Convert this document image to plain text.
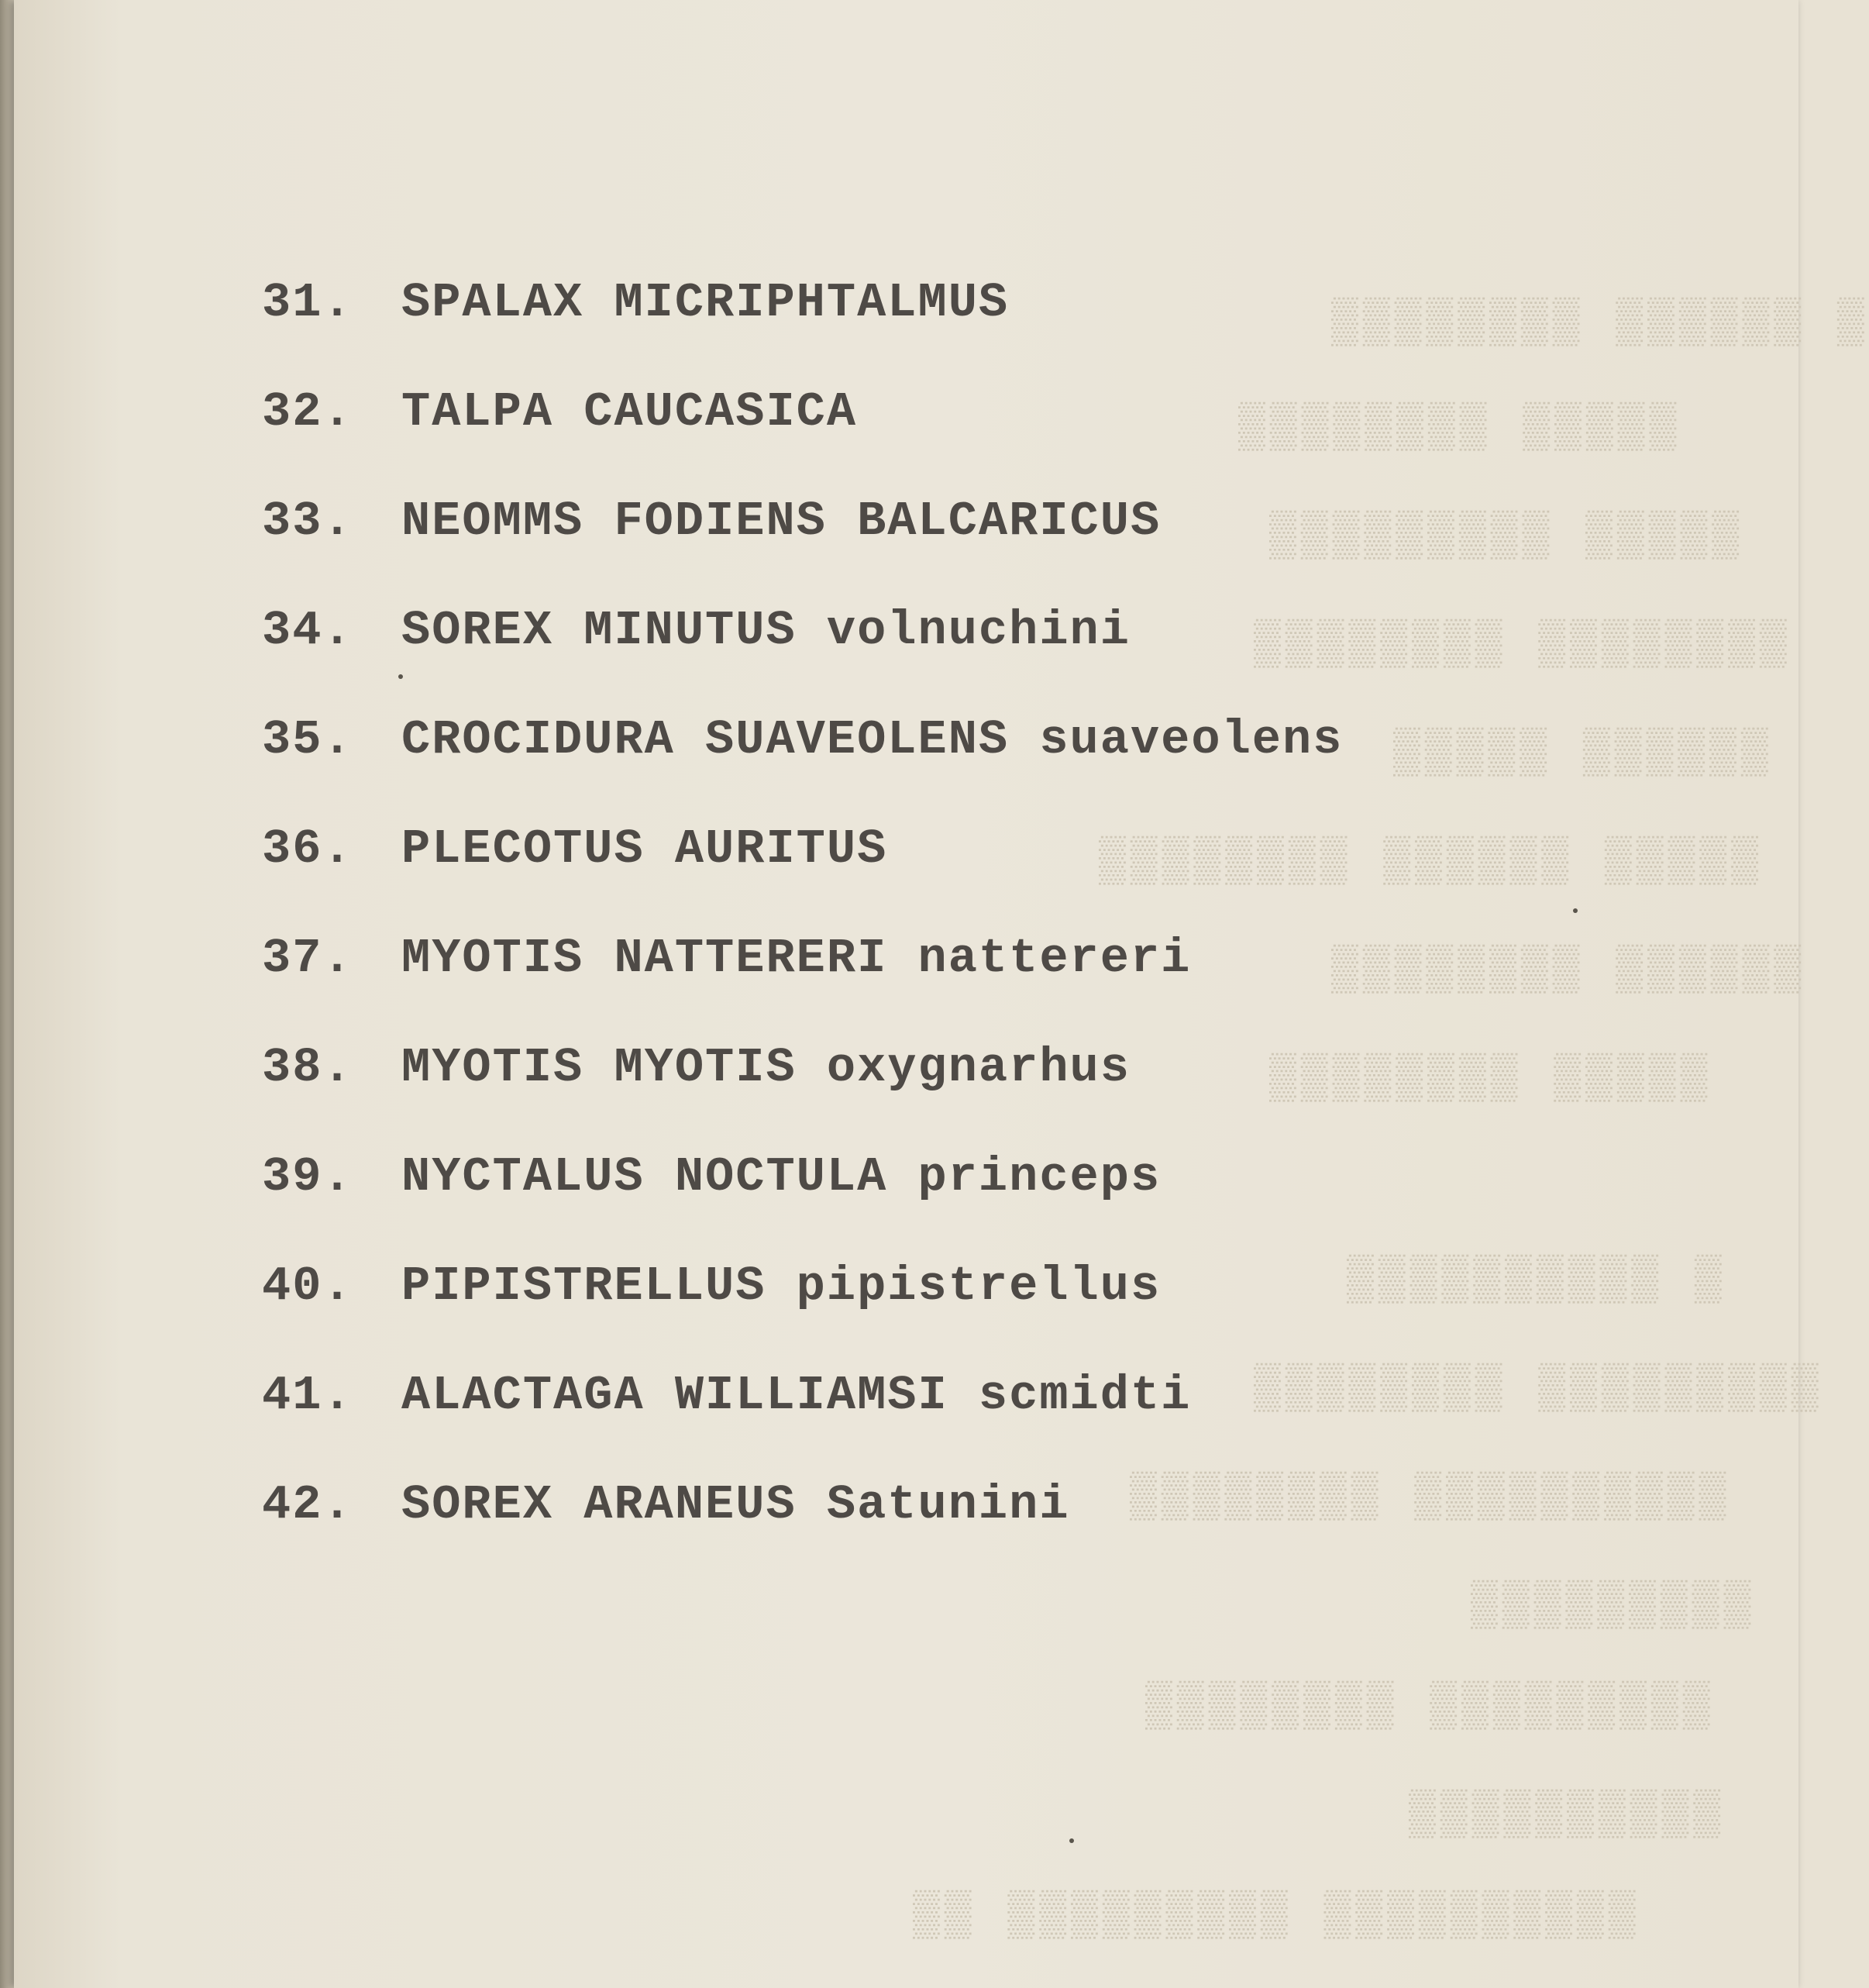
▒▒▒▒▒▒▒▒ ▒▒▒▒▒▒ ▒
▒▒▒▒▒▒▒▒ ▒▒▒▒▒
▒▒▒▒▒▒▒▒▒ ▒▒▒▒▒
▒▒▒▒▒▒▒▒ ▒▒▒▒▒▒▒▒
▒▒▒▒▒ ▒▒▒▒▒▒
▒▒▒▒▒▒▒▒ ▒▒▒▒▒▒ ▒▒▒▒▒
▒▒▒▒▒▒▒▒ ▒▒▒▒▒▒
▒▒▒▒▒▒▒▒ ▒▒▒▒▒
▒▒▒▒▒▒▒▒▒▒ ▒
▒▒▒▒▒▒▒▒ ▒▒▒▒▒▒▒▒▒
▒▒▒▒▒▒▒▒ ▒▒▒▒▒▒▒▒▒▒
▒▒▒▒▒▒▒▒▒
▒▒▒▒▒▒▒▒ ▒▒▒▒▒▒▒▒▒
▒▒▒▒▒▒▒▒▒▒
▒▒ ▒▒▒▒▒▒▒▒▒ ▒▒▒▒▒▒▒▒▒▒
31. SPALAX MICRIPHTALMUS
32. TALPA CAUCASICA
33. NEOMMS FODIENS BALCARICUS
34. SOREX MINUTUS volnuchini
35. CROCIDURA SUAVEOLENS suaveolens
36. PLECOTUS AURITUS
37. MYOTIS NATTERERI nattereri
38. MYOTIS MYOTIS oxygnarhus
39. NYCTALUS NOCTULA princeps
40. PIPISTRELLUS pipistrellus
41. ALACTAGA WILLIAMSI scmidti
42. SOREX ARANEUS Satunini
